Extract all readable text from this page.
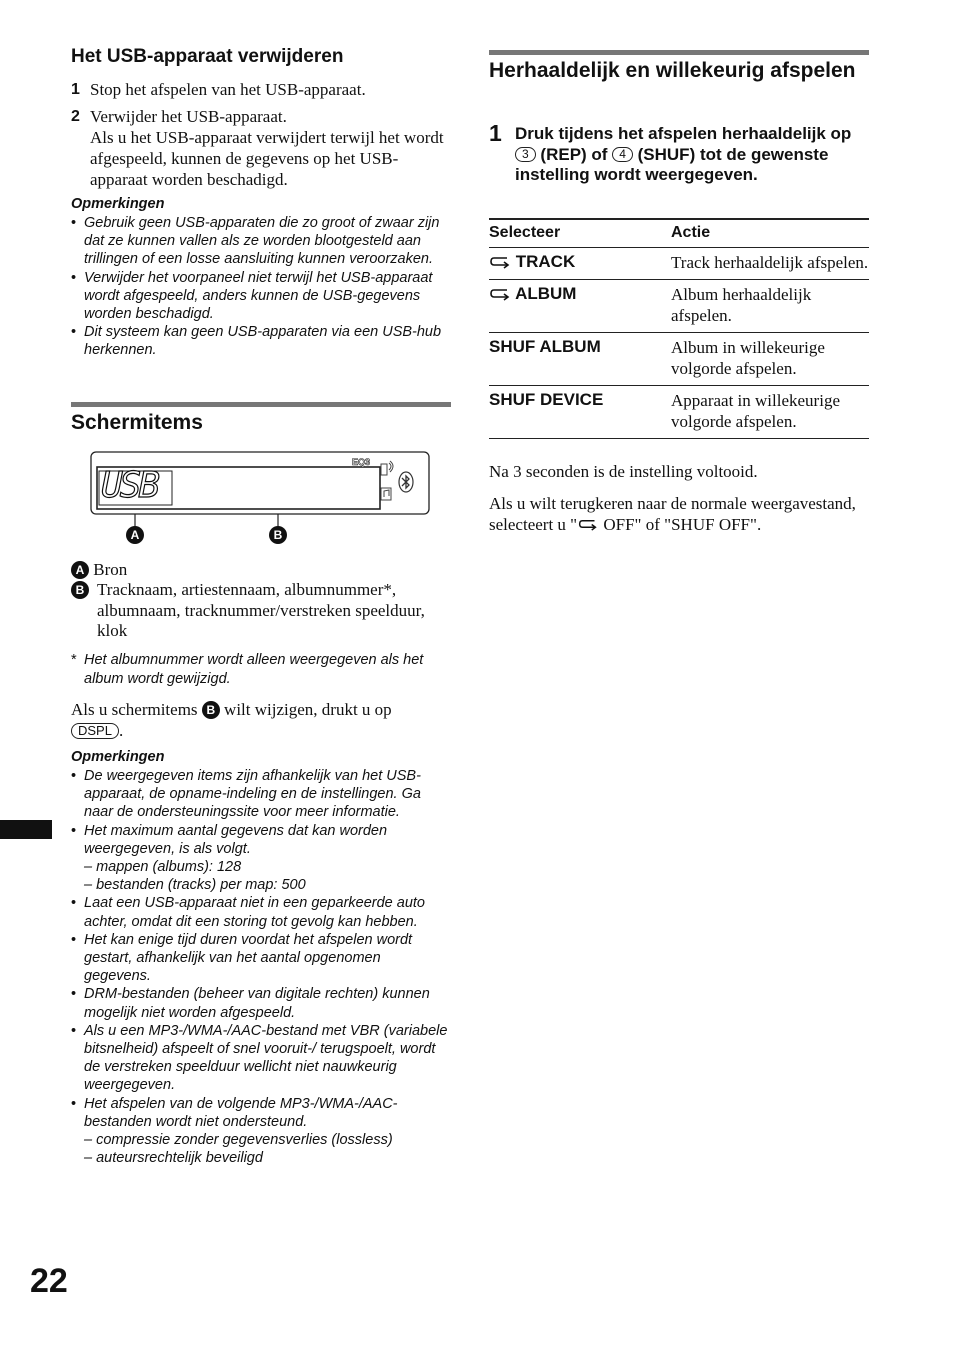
Het USB-apparaat verwijderen
1 Stop het afspelen van het USB-apparaat.
2 Verwijder het USB-apparaat.
Als u het USB-apparaat verwijdert terwijl het wordt afgespeeld, kunnen de gegevens op het USB-apparaat worden beschadigd.
Opmerkingen
• Gebruik geen USB-apparaten die zo groot of zwaar zijn dat ze kunnen vallen als ze worden blootgesteld aan trillingen of een losse aansluiting kunnen veroorzaken.
• Verwijder het voorpaneel niet terwijl het USB-apparaat wordt afgespeeld, anders kunnen de USB-gegevens worden beschadigd.
• Dit systeem kan geen USB-apparaten via een USB-hub herkennen.
Schermitems
USB
EQ3
A	B
A Bron
B Tracknaam, artiestennaam, albumnummer*, albumnaam, tracknummer/verstreken speelduur, klok
* Het albumnummer wordt alleen weergegeven als het album wordt gewijzigd.
Als u schermitems B wilt wijzigen, drukt u op
DSPL .
Opmerkingen
• De weergegeven items zijn afhankelijk van het USB-apparaat, de opname-indeling en de instellingen. Ga naar de ondersteuningssite voor meer informatie.
• Het maximum aantal gegevens dat kan worden weergegeven, is als volgt.
– mappen (albums): 128
– bestanden (tracks) per map: 500
• Laat een USB-apparaat niet in een geparkeerde auto achter, omdat dit een storing tot gevolg kan hebben.
• Het kan enige tijd duren voordat het afspelen wordt gestart, afhankelijk van het aantal opgenomen gegevens.
• DRM-bestanden (beheer van digitale rechten) kunnen mogelijk niet worden afgespeeld.
• Als u een MP3-/WMA-/AAC-bestand met VBR (variabele bitsnelheid) afspeelt of snel vooruit-/ terugspoelt, wordt de verstreken speelduur wellicht niet nauwkeurig weergegeven.
• Het afspelen van de volgende MP3-/WMA-/AAC-bestanden wordt niet ondersteund.
– compressie zonder gegevensverlies (lossless)
– auteursrechtelijk beveiligd
Herhaaldelijk en willekeurig afspelen
1 Druk tijdens het afspelen herhaaldelijk op 3 (REP) of 4 (SHUF) tot de gewenste instelling wordt weergegeven.
Selecteer	Actie
TRACK	Track herhaaldelijk afspelen.
ALBUM	Album herhaaldelijk afspelen.
SHUF ALBUM	Album in willekeurige volgorde afspelen.
SHUF DEVICE	Apparaat in willekeurige volgorde afspelen.
Na 3 seconden is de instelling voltooid.
Als u wilt terugkeren naar de normale weergavestand, selecteert u " OFF" of "SHUF OFF".
22
